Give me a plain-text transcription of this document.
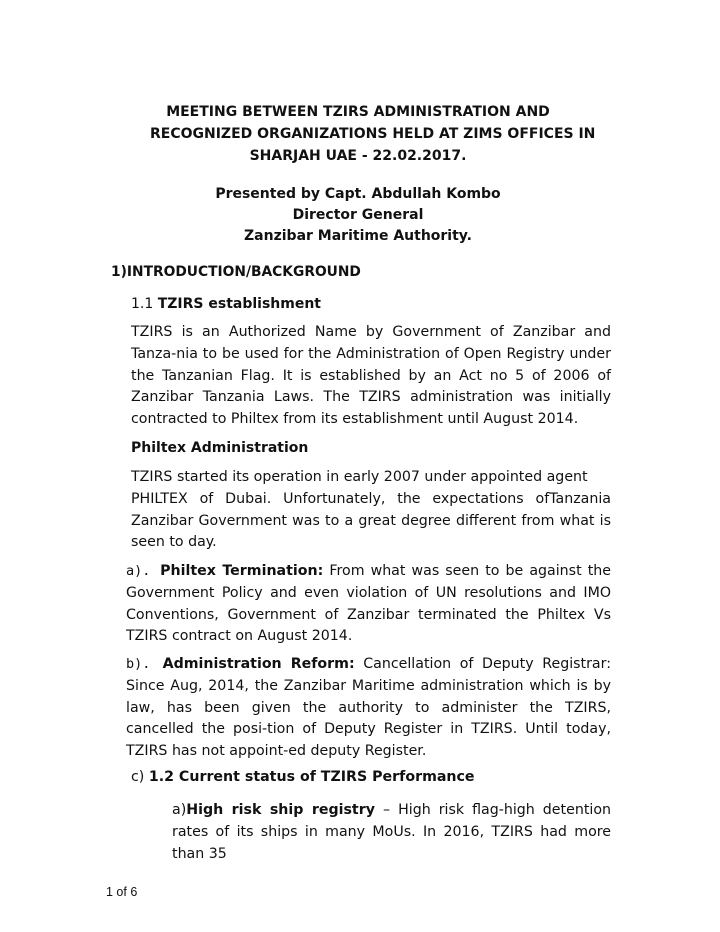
MEETING BETWEEN TZIRS ADMINISTRATION AND
RECOGNIZED ORGANIZATIONS HELD AT ZIMS OFFICES IN
SHARJAH UAE - 22.02.2017.
Presented by Capt. Abdullah Kombo
Director General
Zanzibar Maritime Authority.
1)INTRODUCTION/BACKGROUND
1.1 TZIRS establishment
TZIRS is an Authorized Name by Government of Zanzibar and Tanza-nia to be used for the Administration of Open Registry under the Tanzanian Flag. It is established by an Act no 5 of 2006 of Zanzibar Tanzania Laws. The TZIRS administration was initially contracted to Philtex from its establishment until August 2014.
Philtex Administration
TZIRS started its operation in early 2007 under appointed agent
PHILTEX of Dubai. Unfortunately, the expectations ofTanzania Zanzibar Government was to a great degree different from what is seen to day.
a). Philtex Termination: From what was seen to be against the Government Policy and even violation of UN resolutions and IMO Conventions, Government of Zanzibar terminated the Philtex Vs TZIRS contract on August 2014.
b). Administration Reform: Cancellation of Deputy Registrar: Since Aug, 2014, the Zanzibar Maritime administration which is by law, has been given the authority to administer the TZIRS, cancelled the posi-tion of Deputy Register in TZIRS. Until today, TZIRS has not appoint-ed deputy Register.
c) 1.2 Current status of TZIRS Performance
a)High risk ship registry – High risk flag-high detention rates of its ships in many MoUs. In 2016, TZIRS had more than 35
1 of 6
